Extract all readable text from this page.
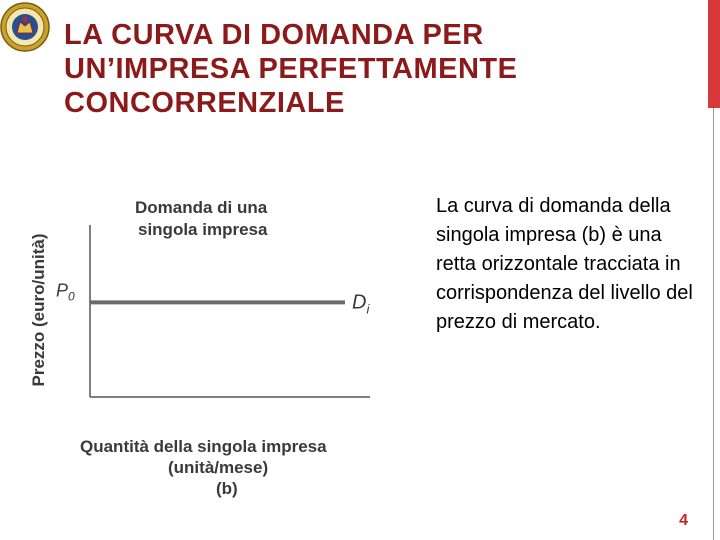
LA CURVA DI DOMANDA PER
UN’IMPRESA PERFETTAMENTE
CONCORRENZIALE
Domanda di una
singola impresa
Prezzo (euro/unità) $P_0$	$D_i$
Quantità della singola impresa
(unità/mese)
(b)

La curva di domanda della singola impresa (b) è una retta orizzontale tracciata in corrispondenza del livello del prezzo di mercato.

4
